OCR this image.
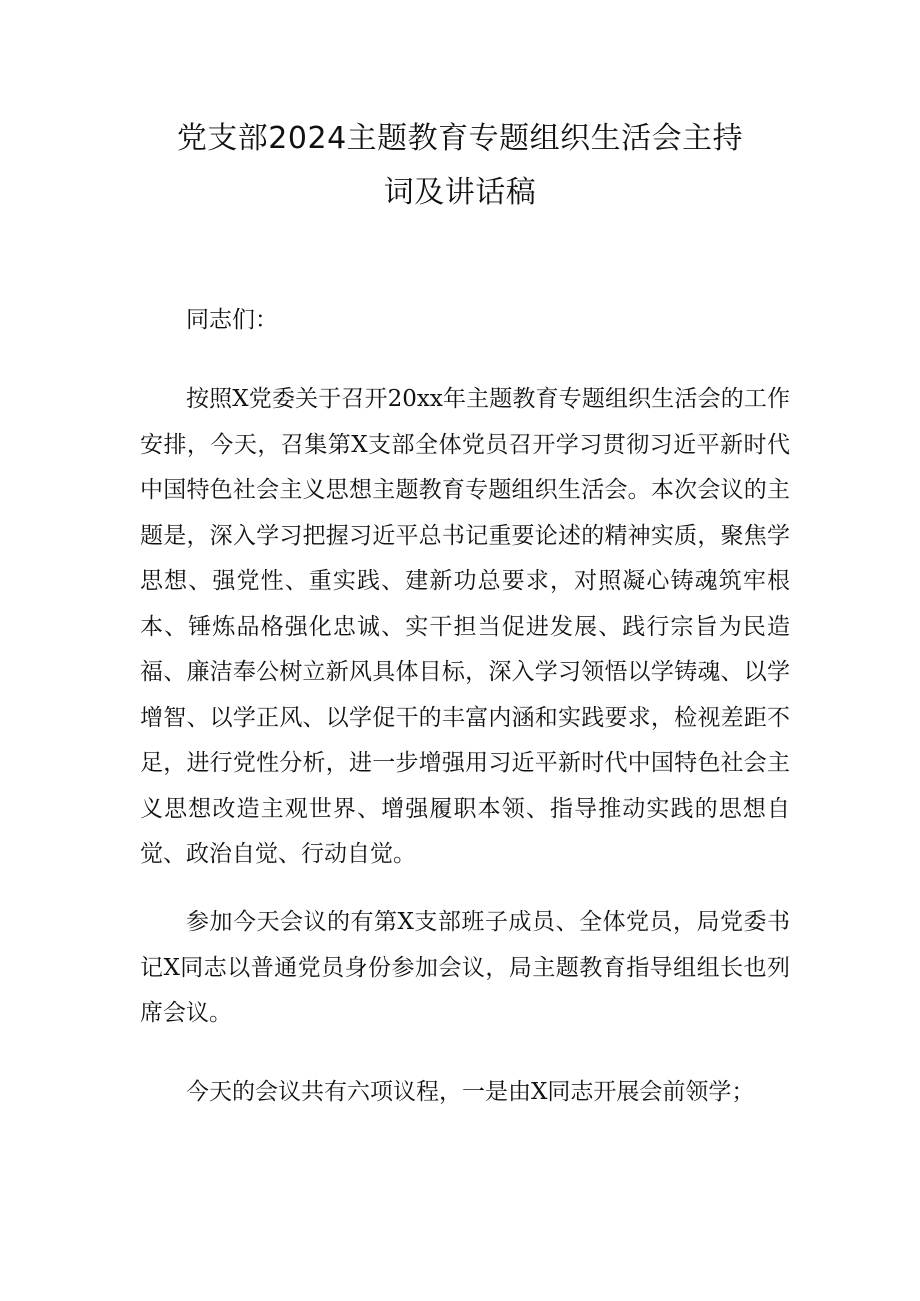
党支部2024主题教育专题组织生活会主持
词及讲话稿

同志们：

按照X党委关于召开20xx年主题教育专题组织生活会的工作安排，今天，召集第X支部全体党员召开学习贯彻习近平新时代中国特色社会主义思想主题教育专题组织生活会。本次会议的主题是，深入学习把握习近平总书记重要论述的精神实质，聚焦学思想、强党性、重实践、建新功总要求，对照凝心铸魂筑牢根本、锤炼品格强化忠诚、实干担当促进发展、践行宗旨为民造福、廉洁奉公树立新风具体目标，深入学习领悟以学铸魂、以学增智、以学正风、以学促干的丰富内涵和实践要求，检视差距不足，进行党性分析，进一步增强用习近平新时代中国特色社会主义思想改造主观世界、增强履职本领、指导推动实践的思想自觉、政治自觉、行动自觉。

参加今天会议的有第X支部班子成员、全体党员，局党委书记X同志以普通党员身份参加会议，局主题教育指导组组长也列席会议。

今天的会议共有六项议程，一是由X同志开展会前领学；
